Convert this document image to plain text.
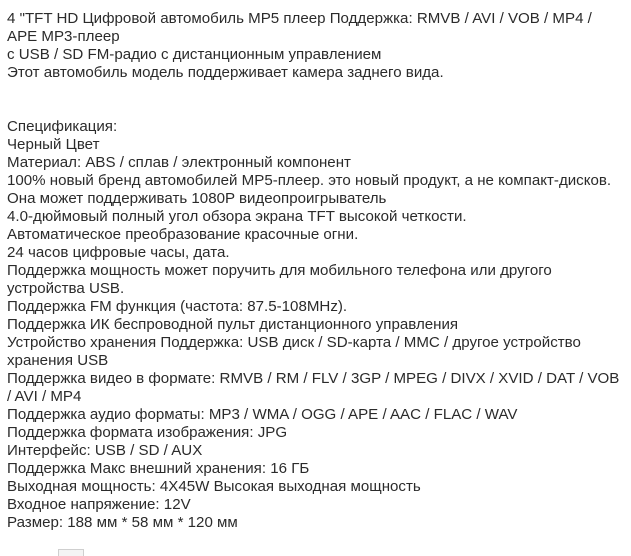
4 "TFT HD Цифровой автомобиль MP5 плеер Поддержка: RMVB / AVI / VOB / MP4 / APE MP3-плеер
с USB / SD FM-радио с дистанционным управлением
Этот автомобиль модель поддерживает камера заднего вида.
Спецификация:
Черный Цвет
Материал: ABS / сплав / электронный компонент
100% новый бренд автомобилей MP5-плеер. это новый продукт, а не компакт-дисков.
Она может поддерживать 1080P видеопроигрыватель
4.0-дюймовый полный угол обзора экрана TFT высокой четкости.
Автоматическое преобразование красочные огни.
24 часов цифровые часы, дата.
Поддержка мощность может поручить для мобильного телефона или другого устройства USB.
Поддержка FM функция (частота: 87.5-108MHz).
Поддержка ИК беспроводной пульт дистанционного управления
Устройство хранения Поддержка: USB диск / SD-карта / MMC / другое устройство хранения USB
Поддержка видео в формате: RMVB / RM / FLV / 3GP / MPEG / DIVX / XVID / DAT / VOB / AVI / MP4
Поддержка аудио форматы: MP3 / WMA / OGG / APE / AAC / FLAC / WAV
Поддержка формата изображения: JPG
Интерфейс: USB / SD / AUX
Поддержка Макс внешний хранения: 16 ГБ
Выходная мощность: 4X45W Высокая выходная мощность
Входное напряжение: 12V
Размер: 188 мм * 58 мм * 120 мм
